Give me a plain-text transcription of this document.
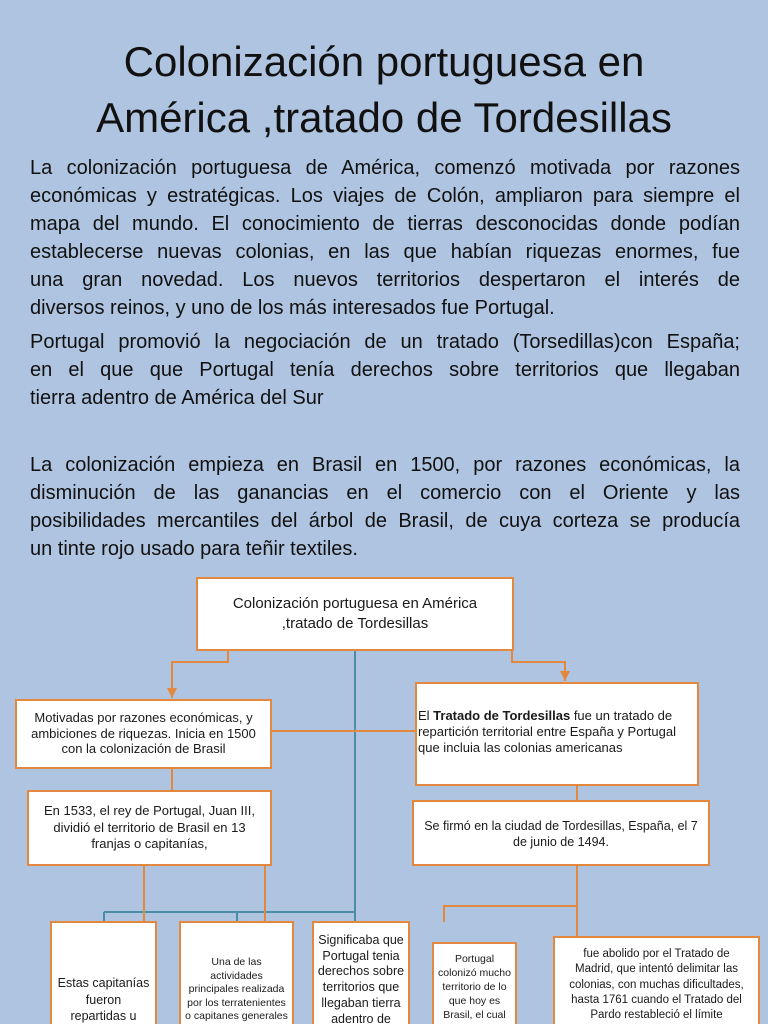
Colonización portuguesa en
América ,tratado de Tordesillas
La colonización portuguesa de América, comenzó motivada por razones
económicas y estratégicas. Los viajes de Colón, ampliaron para siempre el
mapa del mundo. El conocimiento de tierras desconocidas donde podían
establecerse nuevas colonias, en las que habían riquezas enormes, fue
una gran novedad. Los nuevos territorios despertaron el interés de
diversos reinos, y uno de los más interesados fue Portugal.
Portugal promovió la negociación de un tratado (Torsedillas)con España;
en el que que Portugal tenía derechos sobre territorios que llegaban
tierra adentro de América del Sur
La colonización empieza en Brasil en 1500, por razones económicas, la
disminución de las ganancias en el comercio con el Oriente y las
posibilidades mercantiles del árbol de Brasil, de cuya corteza se producía
un tinte rojo usado para teñir textiles.
Colonización portuguesa en América
,tratado de Tordesillas
Motivadas por razones económicas, y
ambiciones de riquezas. Inicia en 1500
con la colonización de Brasil
El Tratado de Tordesillas fue un tratado de
repartición territorial entre España y Portugal
que incluia las colonias americanas
En 1533, el rey de Portugal, Juan III,
dividió el territorio de Brasil en 13
franjas o capitanías,
Se firmó en la ciudad de Tordesillas, España, el 7
de junio de 1494.
Estas capitanías
fueron
repartidas u
Una de las
actividades
principales realizada
por los terratenientes
o capitanes generales
Significaba que
Portugal tenia
derechos sobre
territorios que
llegaban tierra
adentro de
Portugal
colonizó mucho
territorio de lo
que hoy es
Brasil, el cual
fue abolido por el Tratado de
Madrid, que intentó delimitar las
colonias, con muchas dificultades,
hasta 1761 cuando el Tratado del
Pardo restableció el límite
